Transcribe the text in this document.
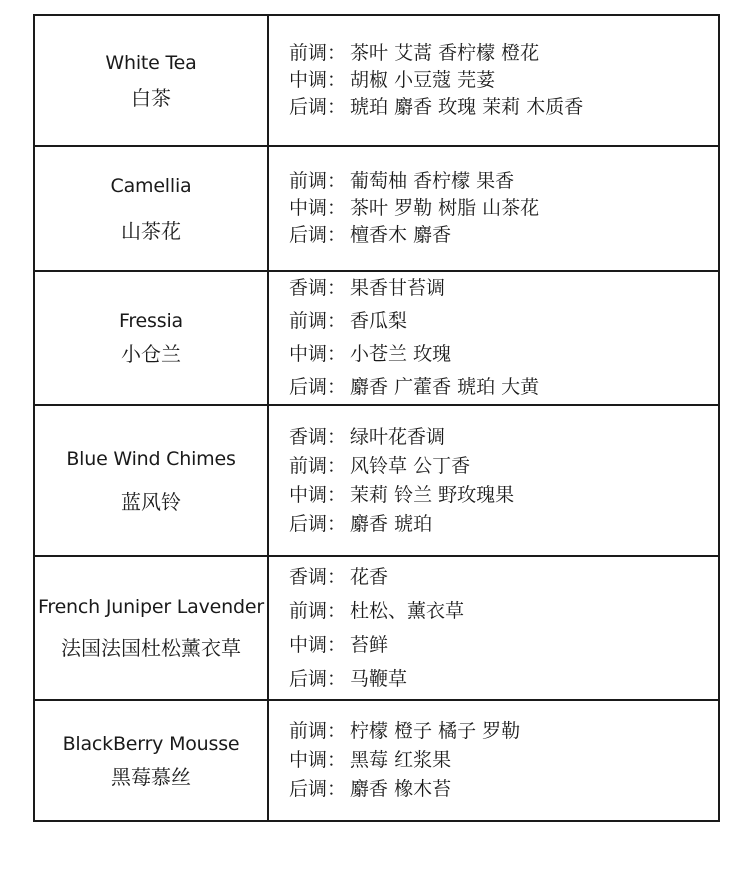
White Tea
白茶
前调： 茶叶 艾蒿 香柠檬 橙花
中调： 胡椒 小豆蔻 芫荽
后调： 琥珀 麝香 玫瑰 茉莉 木质香
Camellia
山茶花
前调： 葡萄柚 香柠檬 果香
中调： 茶叶 罗勒 树脂 山茶花
后调： 檀香木 麝香
Fressia
小仓兰
香调： 果香甘苔调
前调： 香瓜梨
中调： 小苍兰 玫瑰
后调： 麝香 广藿香 琥珀 大黄
Blue Wind Chimes
蓝风铃
香调： 绿叶花香调
前调： 风铃草 公丁香
中调： 茉莉 铃兰 野玫瑰果
后调： 麝香 琥珀
French Juniper Lavender
法国法国杜松薰衣草
香调： 花香
前调： 杜松、薰衣草
中调： 苔鲜
后调： 马鞭草
BlackBerry Mousse
黑莓慕丝
前调： 柠檬 橙子 橘子 罗勒
中调： 黑莓 红浆果
后调： 麝香 橡木苔
